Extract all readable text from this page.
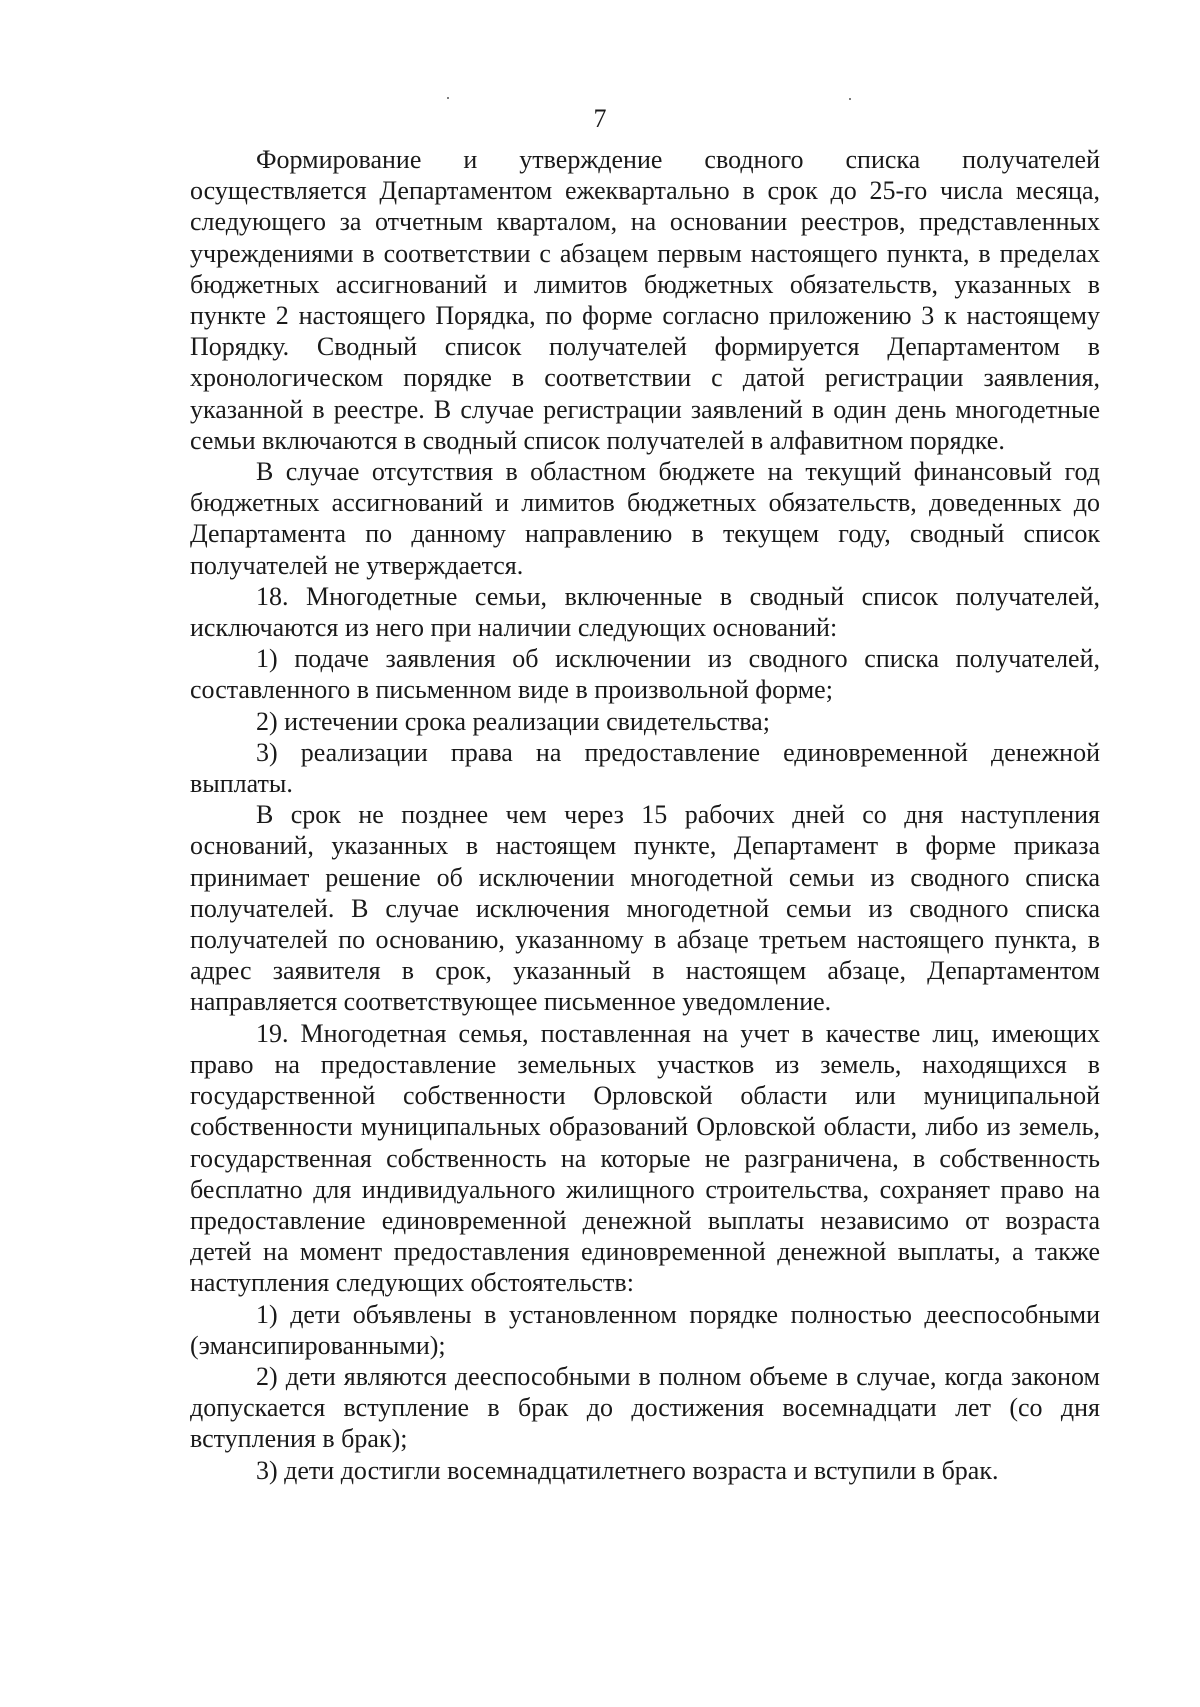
7

Формирование и утверждение сводного списка получателей осуществляется Департаментом ежеквартально в срок до 25-го числа месяца, следующего за отчетным кварталом, на основании реестров, представленных учреждениями в соответствии с абзацем первым настоящего пункта, в пределах бюджетных ассигнований и лимитов бюджетных обязательств, указанных в пункте 2 настоящего Порядка, по форме согласно приложению 3 к настоящему Порядку. Сводный список получателей формируется Департаментом в хронологическом порядке в соответствии с датой регистрации заявления, указанной в реестре. В случае регистрации заявлений в один день многодетные семьи включаются в сводный список получателей в алфавитном порядке.

В случае отсутствия в областном бюджете на текущий финансовый год бюджетных ассигнований и лимитов бюджетных обязательств, доведенных до Департамента по данному направлению в текущем году, сводный список получателей не утверждается.

18. Многодетные семьи, включенные в сводный список получателей, исключаются из него при наличии следующих оснований:

1) подаче заявления об исключении из сводного списка получателей, составленного в письменном виде в произвольной форме;

2) истечении срока реализации свидетельства;

3) реализации права на предоставление единовременной денежной выплаты.

В срок не позднее чем через 15 рабочих дней со дня наступления оснований, указанных в настоящем пункте, Департамент в форме приказа принимает решение об исключении многодетной семьи из сводного списка получателей. В случае исключения многодетной семьи из сводного списка получателей по основанию, указанному в абзаце третьем настоящего пункта, в адрес заявителя в срок, указанный в настоящем абзаце, Департаментом направляется соответствующее письменное уведомление.

19. Многодетная семья, поставленная на учет в качестве лиц, имеющих право на предоставление земельных участков из земель, находящихся в государственной собственности Орловской области или муниципальной собственности муниципальных образований Орловской области, либо из земель, государственная собственность на которые не разграничена, в собственность бесплатно для индивидуального жилищного строительства, сохраняет право на предоставление единовременной денежной выплаты независимо от возраста детей на момент предоставления единовременной денежной выплаты, а также наступления следующих обстоятельств:

1) дети объявлены в установленном порядке полностью дееспособными (эмансипированными);

2) дети являются дееспособными в полном объеме в случае, когда законом допускается вступление в брак до достижения восемнадцати лет (со дня вступления в брак);

3) дети достигли восемнадцатилетнего возраста и вступили в брак.
